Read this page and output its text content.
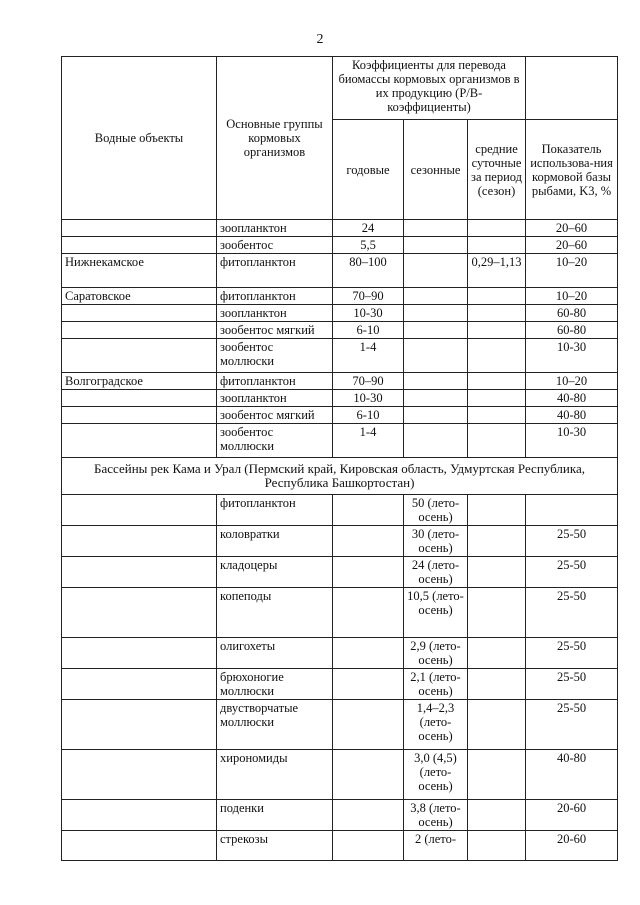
2
Водные объекты	Основные группы кормовых организмов	Коэффициенты для перевода биомассы кормовых организмов в их продукцию (P/B-коэффициенты)			
		годовые	сезонные	средние суточные за период (сезон)	Показатель использова-ния кормовой базы рыбами, K3, %
	зоопланктон	24			20–60
	зообентос	5,5			20–60
Нижнекамское	фитопланктон	80–100		0,29–1,13	10–20
Саратовское	фитопланктон	70–90			10–20
	зоопланктон	10-30			60-80
	зообентос мягкий	6-10			60-80
	зообентос моллюски	1-4			10-30
Волгоградское	фитопланктон	70–90			10–20
	зоопланктон	10-30			40-80
	зообентос мягкий	6-10			40-80
	зообентос моллюски	1-4			10-30
Бассейны рек Кама и Урал (Пермский край, Кировская область, Удмуртская Республика, Республика Башкортостан)					
	фитопланктон		50 (лето-осень)		
	коловратки		30 (лето-осень)		25-50
	кладоцеры		24 (лето-осень)		25-50
	копеподы		10,5 (лето-осень)		25-50
	олигохеты		2,9 (лето-осень)		25-50
	брюхоногие моллюски		2,1 (лето-осень)		25-50
	двустворчатые моллюски		1,4–2,3 (лето-осень)		25-50
	хирономиды		3,0 (4,5) (лето-осень)		40-80
	поденки		3,8 (лето-осень)		20-60
	стрекозы		2 (лето-		20-60
